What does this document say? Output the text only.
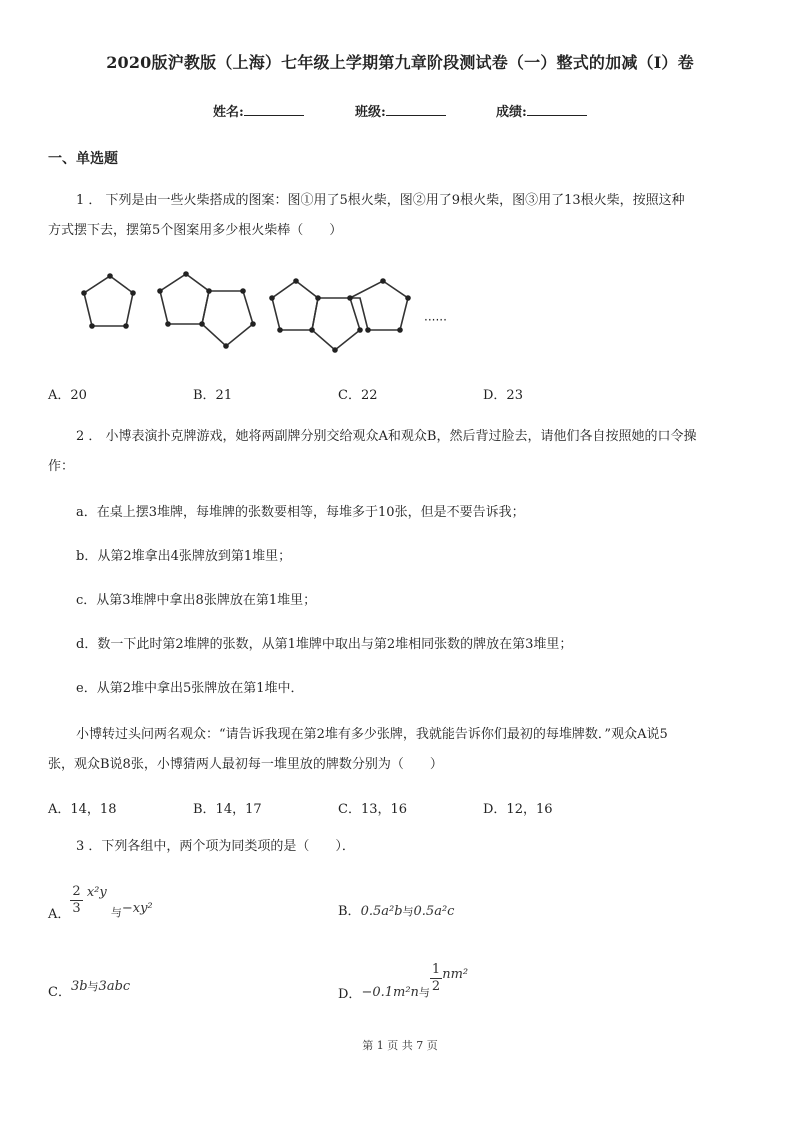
2020版沪教版（上海）七年级上学期第九章阶段测试卷（一）整式的加减（I）卷
姓名:	班级:	成绩:
一、单选题
1 ． 下列是由一些火柴搭成的图案：图①用了5根火柴，图②用了9根火柴，图③用了13根火柴，按照这种
方式摆下去，摆第5个图案用多少根火柴棒（　　）
······
A．20	B．21	C．22	D．23
2 ． 小博表演扑克牌游戏，她将两副牌分别交给观众A和观众B，然后背过脸去，请他们各自按照她的口令操
作：
a．在桌上摆3堆牌，每堆牌的张数要相等，每堆多于10张，但是不要告诉我；
b．从第2堆拿出4张牌放到第1堆里；
c．从第3堆牌中拿出8张牌放在第1堆里；
d．数一下此时第2堆牌的张数，从第1堆牌中取出与第2堆相同张数的牌放在第3堆里；
e．从第2堆中拿出5张牌放在第1堆中．
小博转过头问两名观众：“请告诉我现在第2堆有多少张牌，我就能告诉你们最初的每堆牌数．”观众A说5
张，观众B说8张，小博猜两人最初每一堆里放的牌数分别为（　　）
A．14，18	B．14，17	C．13，16	D．12，16
3 ．下列各组中，两个项为同类项的是（　　）．
A． $\frac{2}{3} x^2y$ $_与$−xy²	B．0.5a²b与0.5a²c
C．3b与3abc
D．$-0.1m^2n_与 \frac{1}{2} nm^2$
第 1 页 共 7 页
